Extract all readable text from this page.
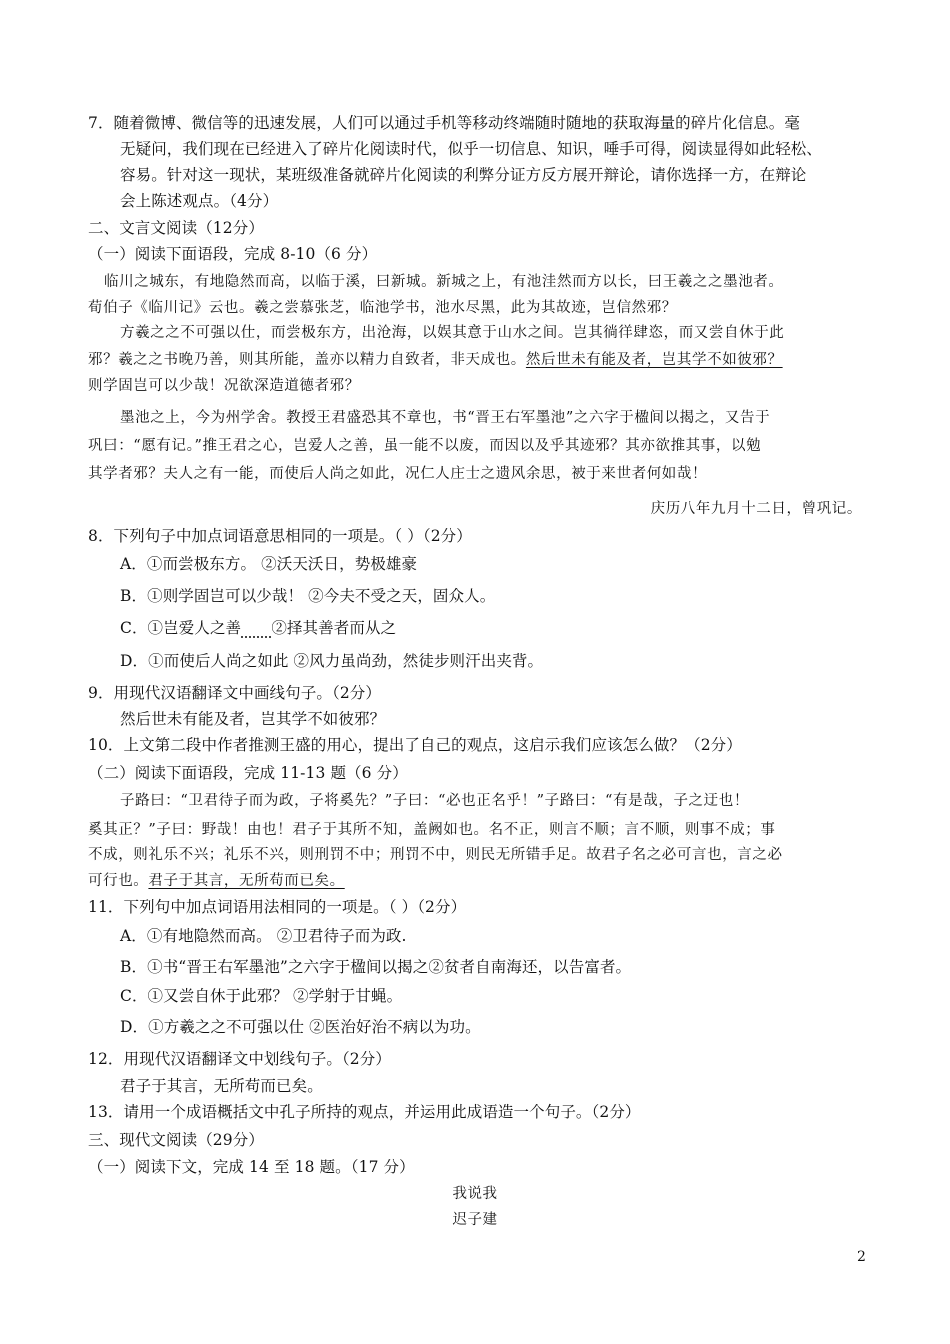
7．随着微博、微信等的迅速发展，人们可以通过手机等移动终端随时随地的获取海量的碎片化信息。毫
无疑问，我们现在已经进入了碎片化阅读时代，似乎一切信息、知识，唾手可得，阅读显得如此轻松、
容易。针对这一现状，某班级准备就碎片化阅读的利弊分证方反方展开辩论，请你选择一方，在辩论
会上陈述观点。（4分）
二、文言文阅读（12分）
（一）阅读下面语段，完成 8-10（6 分）
临川之城东，有地隐然而高，以临于溪，曰新城。新城之上，有池洼然而方以长，曰王羲之之墨池者。
荀伯子《临川记》云也。羲之尝慕张芝，临池学书，池水尽黑，此为其故迹，岂信然邪？
方羲之之不可强以仕，而尝极东方，出沧海，以娱其意于山水之间。岂其徜徉肆恣，而又尝自休于此
邪？羲之之书晚乃善，则其所能，盖亦以精力自致者，非天成也。然后世未有能及者，岂其学不如彼邪？
则学固岂可以少哉！况欲深造道德者邪？
墨池之上，今为州学舍。教授王君盛恐其不章也，书“晋王右军墨池”之六字于楹间以揭之，又告于
巩曰：“愿有记。”推王君之心，岂爱人之善，虽一能不以废，而因以及乎其迹邪？其亦欲推其事，以勉
其学者邪？夫人之有一能，而使后人尚之如此，况仁人庄士之遗风余思，被于来世者何如哉！
庆历八年九月十二日，曾巩记。
8．下列句子中加点词语意思相同的一项是。（ ）（2分）
A．①而尝极东方。 ②沃天沃日，势极雄豪
B．①则学固岂可以少哉！ ②今夫不受之天，固众人。
C．①岂爱人之善 ②择其善者而从之
D．①而使后人尚之如此 ②风力虽尚劲，然徒步则汗出夹背。
9．用现代汉语翻译文中画线句子。（2分）
然后世未有能及者，岂其学不如彼邪？
10．上文第二段中作者推测王盛的用心，提出了自己的观点，这启示我们应该怎么做？（2分）
（二）阅读下面语段，完成 11-13 题（6 分）
子路曰：“卫君待子而为政，子将奚先？”子曰：“必也正名乎！”子路曰：“有是哉，子之迂也！
奚其正？”子曰：野哉！由也！君子于其所不知，盖阙如也。名不正，则言不顺；言不顺，则事不成；事
不成，则礼乐不兴；礼乐不兴，则刑罚不中；刑罚不中，则民无所错手足。故君子名之必可言也，言之必
可行也。君子于其言，无所苟而已矣。
11．下列句中加点词语用法相同的一项是。（ ）（2分）
A．①有地隐然而高。 ②卫君待子而为政.
B．①书“晋王右军墨池”之六字于楹间以揭之②贫者自南海还，以告富者。
C．①又尝自休于此邪？ ②学射于甘蝇。
D．①方羲之之不可强以仕 ②医治好治不病以为功。
12．用现代汉语翻译文中划线句子。（2分）
君子于其言，无所苟而已矣。
13．请用一个成语概括文中孔子所持的观点，并运用此成语造一个句子。（2分）
三、现代文阅读（29分）
（一）阅读下文，完成 14 至 18 题。（17 分）
我说我
迟子建
2
